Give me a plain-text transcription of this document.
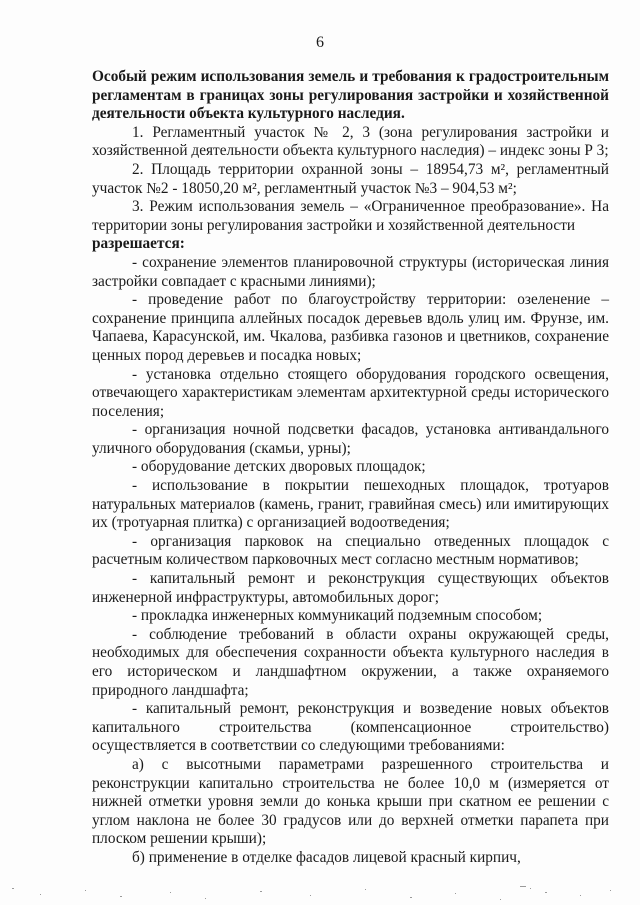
6

Особый режим использования земель и требования к градостроительным регламентам в границах зоны регулирования застройки и хозяйственной деятельности объекта культурного наследия.

1. Регламентный участок № 2, 3 (зона регулирования застройки и хозяйственной деятельности объекта культурного наследия) – индекс зоны Р 3;

2. Площадь территории охранной зоны – 18954,73 м², регламентный участок №2 - 18050,20 м², регламентный участок №3 – 904,53 м²;

3. Режим использования земель – «Ограниченное преобразование». На территории зоны регулирования застройки и хозяйственной деятельности

разрешается:

- сохранение элементов планировочной структуры (историческая линия застройки совпадает с красными линиями);

- проведение работ по благоустройству территории: озеленение – сохранение принципа аллейных посадок деревьев вдоль улиц им. Фрунзе, им. Чапаева, Карасунской, им. Чкалова, разбивка газонов и цветников, сохранение ценных пород деревьев и посадка новых;

- установка отдельно стоящего оборудования городского освещения, отвечающего характеристикам элементам архитектурной среды исторического поселения;

- организация ночной подсветки фасадов, установка антивандального уличного оборудования (скамьи, урны);

- оборудование детских дворовых площадок;

- использование в покрытии пешеходных площадок, тротуаров натуральных материалов (камень, гранит, гравийная смесь) или имитирующих их (тротуарная плитка) с организацией водоотведения;

- организация парковок на специально отведенных площадок с расчетным количеством парковочных мест согласно местным нормативов;

- капитальный ремонт и реконструкция существующих объектов инженерной инфраструктуры, автомобильных дорог;

- прокладка инженерных коммуникаций подземным способом;

- соблюдение требований в области охраны окружающей среды, необходимых для обеспечения сохранности объекта культурного наследия в его историческом и ландшафтном окружении, а также охраняемого природного ландшафта;

- капитальный ремонт, реконструкция и возведение новых объектов капитального строительства (компенсационное строительство) осуществляется в соответствии со следующими требованиями:

а) с высотными параметрами разрешенного строительства и реконструкции капитально строительства не более 10,0 м (измеряется от нижней отметки уровня земли до конька крыши при скатном ее решении с углом наклона не более 30 градусов или до верхней отметки парапета при плоском решении крыши);

б) применение в отделке фасадов лицевой красный кирпич,
